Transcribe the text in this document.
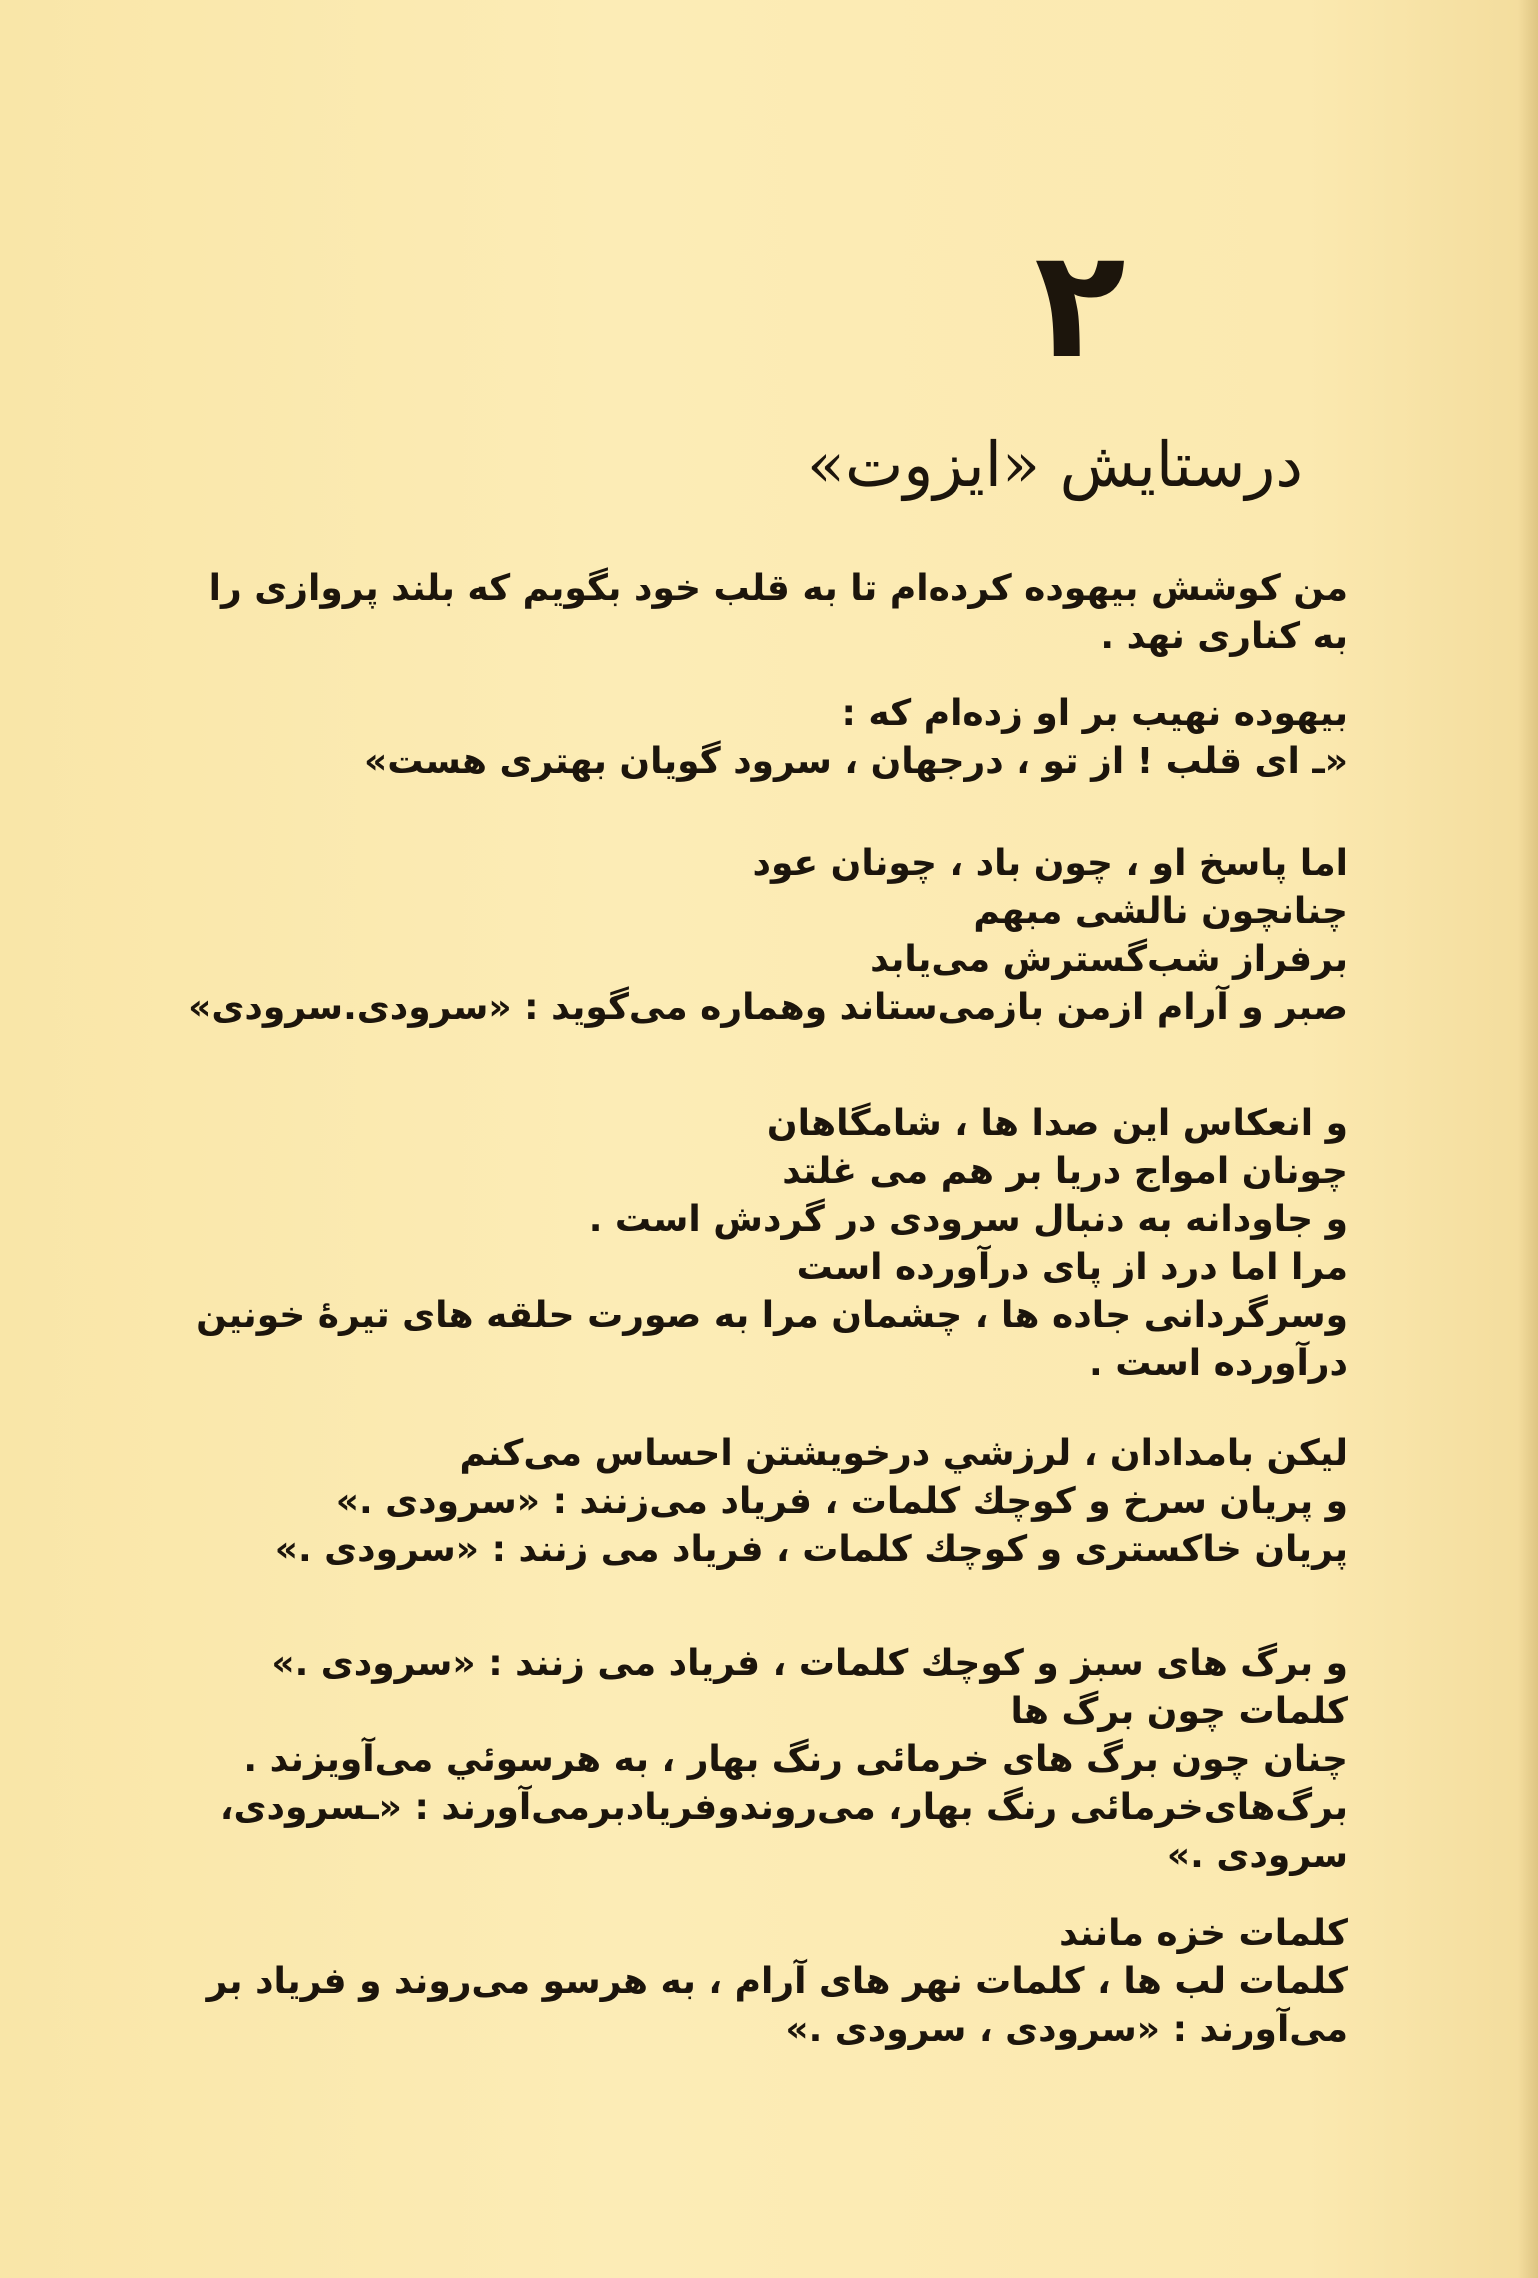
۲
درستایش «ایزوت»
من کوشش بیهوده کرده‌ام تا به قلب خود بگویم که بلند پروازی را
به کناری نهد .
بیهوده نهیب بر او زده‌ام که :
«ـ ای قلب ! از تو ، درجهان ، سرود گویان بهتری هست»
اما پاسخ او ، چون باد ، چونان عود
چنانچون نالشی مبهم
برفراز شب‌گسترش می‌یابد
صبر و آرام ازمن بازمی‌ستاند وهماره می‌گوید : «سرودی.سرودی»
و انعکاس این صدا ها ، شامگاهان
چونان امواج دریا بر هم می غلتد
و جاودانه به دنبال سرودی در گردش است .
مرا اما درد از پای درآورده است
وسرگردانی جاده ها ، چشمان مرا به صورت حلقه های تیرهٔ خونین
درآورده است .
لیکن بامدادان ، لرزشي درخویشتن احساس می‌کنم
و پریان سرخ و کوچك کلمات ، فریاد می‌زنند : «سرودی .»
پریان خاکستری و کوچك کلمات ، فریاد می زنند : «سرودی .»
و برگ های سبز و کوچك کلمات ، فریاد می زنند : «سرودی .»
کلمات چون برگ ها
چنان چون برگ های خرمائی رنگ بهار ، به هرسوئي می‌آویزند .
برگ‌های‌خرمائی رنگ بهار، می‌روندوفریادبرمی‌آورند : «ـسرودی،
سرودی .»
کلمات خزه مانند
کلمات لب ها ، کلمات نهر های آرام ، به هرسو می‌روند و فریاد بر
می‌آورند : «سرودی ، سرودی .»
